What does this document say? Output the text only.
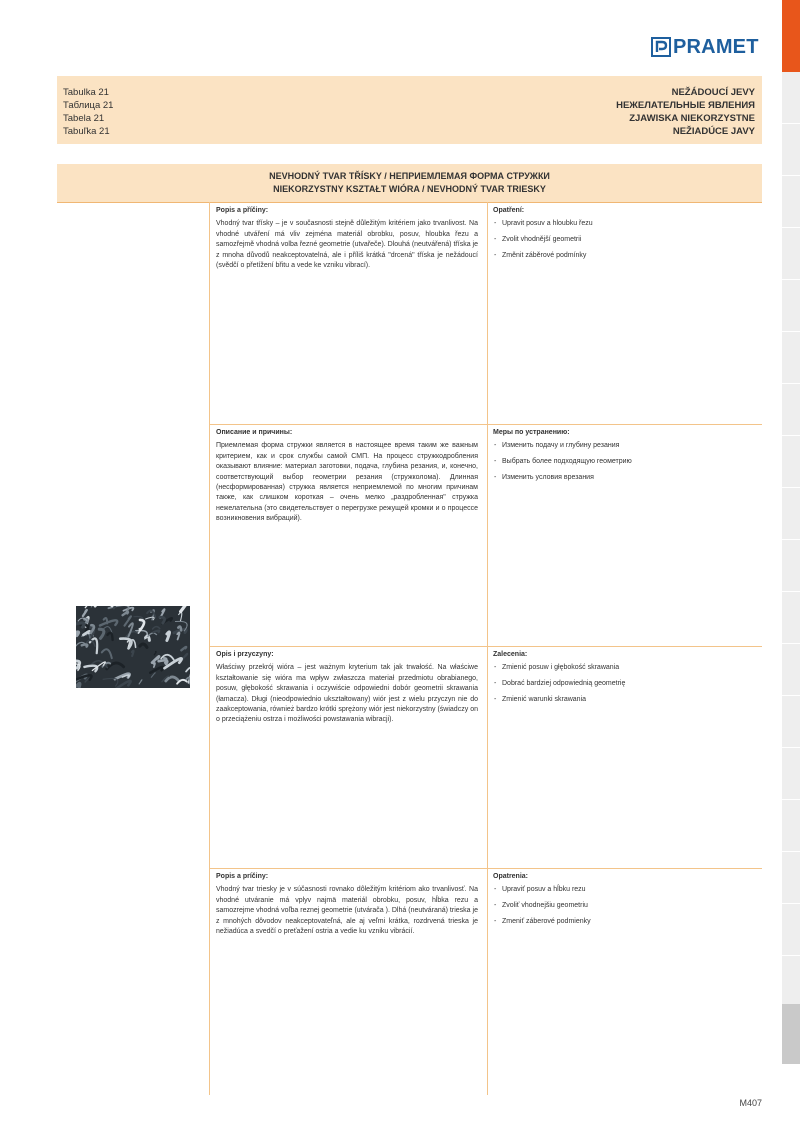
PRAMET
Tabulka 21
Таблица 21
Tabela 21
Tabuľka 21
NEŽÁDOUCÍ JEVY
НЕЖЕЛАТЕЛЬНЫЕ ЯВЛЕНИЯ
ZJAWISKA NIEKORZYSTNE
NEŽIADÚCE JAVY
NEVHODNÝ TVAR TŘÍSKY / НЕПРИЕМЛЕМАЯ ФОРМА СТРУЖКИ
NIEKORZYSTNY KSZTAŁT WIÓRA / NEVHODNÝ TVAR TRIESKY
Popis a příčiny:
Vhodný tvar třísky – je v současnosti stejně důležitým kritériem jako trvanlivost. Na vhodné utváření má vliv zejména materiál obrobku, posuv, hloubka řezu a samozřejmě vhodná volba řezné geometrie (utvařeče). Dlouhá (neutvářená) tříska je z mnoha důvodů neakceptovatelná, ale i příliš krátká "drcená" tříska je nežádoucí (svědčí o přetížení břitu a vede ke vzniku vibrací).
Opatření:
- Upravit posuv a hloubku řezu
- Zvolit vhodnější geometrii
- Změnit záběrové podmínky
Описание и причины:
Приемлемая форма стружки является в настоящее время таким же важным критерием, как и срок службы самой СМП. На процесс стружкодробления оказывают влияние: материал заготовки, подача, глубина резания, и, конечно, соответствующий выбор геометрии резания (стружколома). Длинная (несформированная) стружка является неприемлемой по многим причинам также, как слишком короткая – очень мелко „раздробленная" стружка нежелательна (это свидетельствует о перегрузке режущей кромки и о процессе возникновения вибраций).
Меры по устранению:
- Изменить подачу и глубину резания
- Выбрать более подходящую геометрию
- Изменить условия врезания
Opis i przyczyny:
Właściwy przekrój wióra – jest ważnym kryterium tak jak trwałość. Na właściwe kształtowanie się wióra ma wpływ zwłaszcza materiał przedmiotu obrabianego, posuw, głębokość skrawania i oczywiście odpowiedni dobór geometrii skrawania (łamacza). Długi (nieodpowiednio ukształtowany) wiór jest z wielu przyczyn nie do zaakceptowania, również bardzo krótki sprężony wiór jest niekorzystny (świadczy on o przeciążeniu ostrza i możliwości powstawania wibracji).
Zalecenia:
- Zmienić posuw i głębokość skrawania
- Dobrać bardziej odpowiednią geometrię
- Zmienić warunki skrawania
Popis a príčiny:
Vhodný tvar triesky je v súčasnosti rovnako dôležitým kritériom ako trvanlivosť. Na vhodné utváranie má vplyv najmä materiál obrobku, posuv, hĺbka rezu a samozrejme vhodná voľba reznej geometrie (utvárača ). Dlhá (neutváraná) trieska je z mnohých dôvodov neakceptovateľná, ale aj veľmi krátka, rozdrvená trieska je nežiadúca a svedčí o preťažení ostria a vedie ku vzniku vibrácií.
Opatrenia:
- Upraviť posuv a hĺbku rezu
- Zvoliť vhodnejšiu geometriu
- Zmeniť záberové podmienky
M407
